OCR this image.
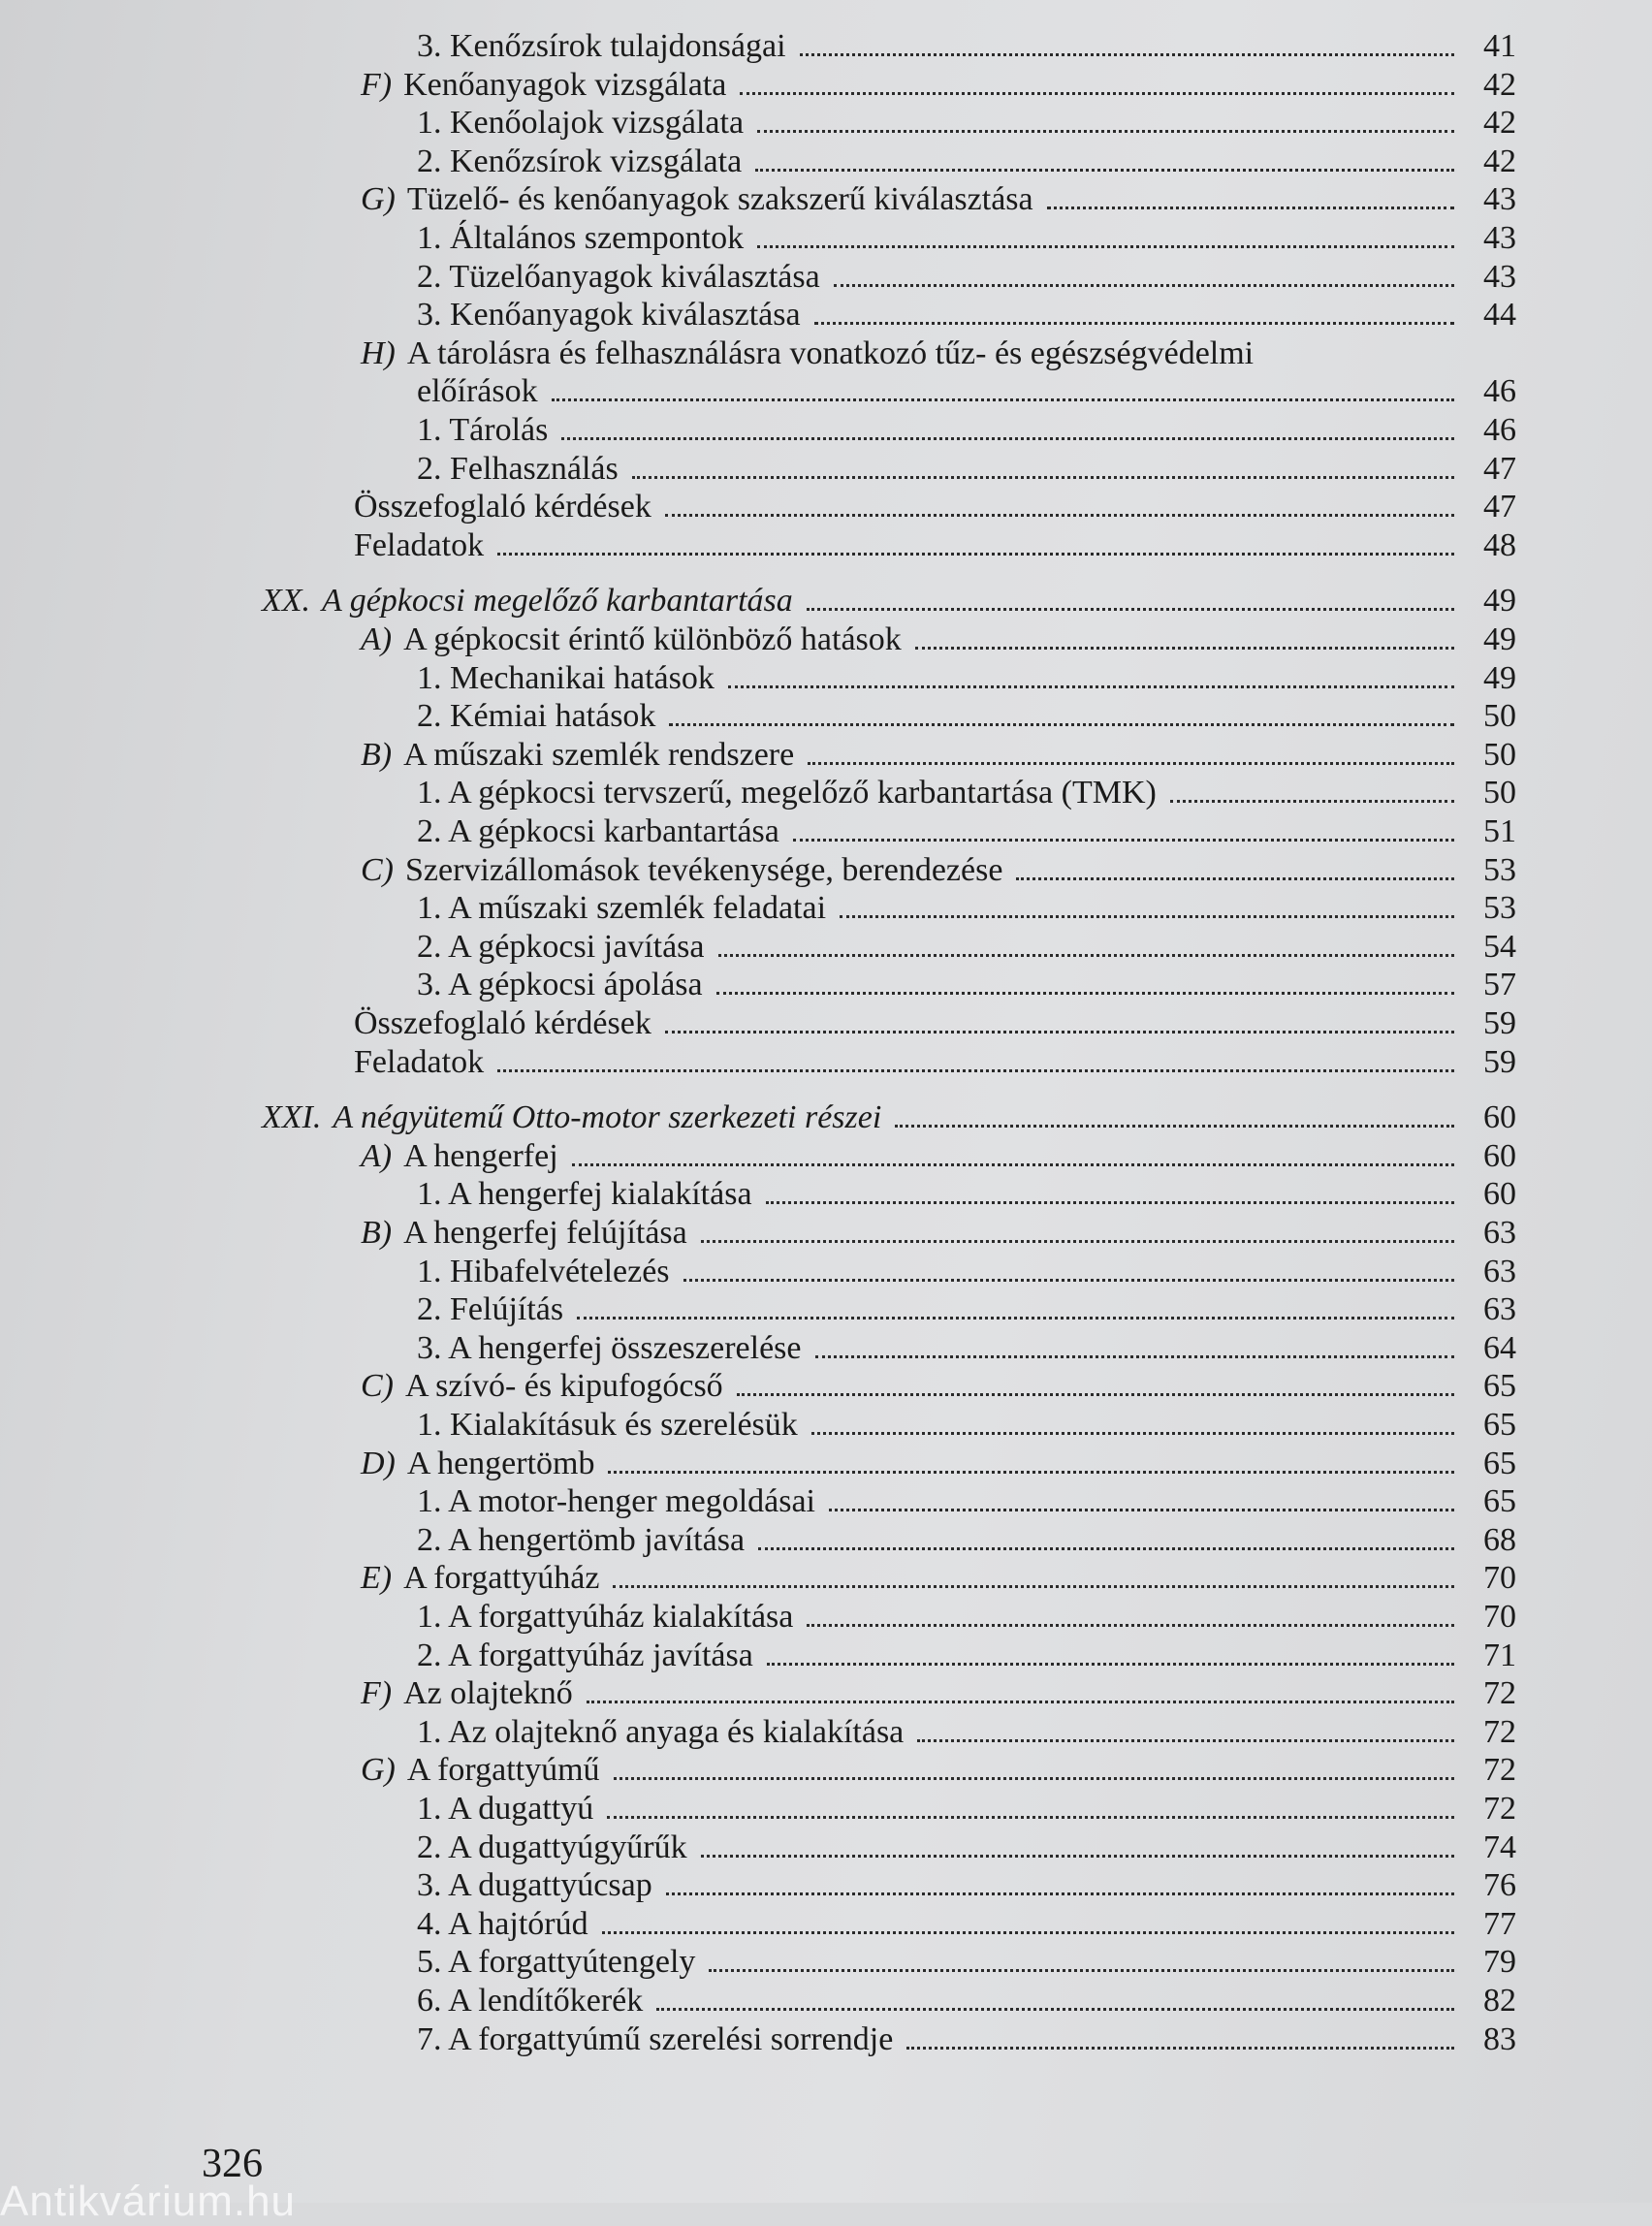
3. Kenőzsírok tulajdonságai	41
F) Kenőanyagok vizsgálata	42
1. Kenőolajok vizsgálata	42
2. Kenőzsírok vizsgálata	42
G) Tüzelő- és kenőanyagok szakszerű kiválasztása	43
1. Általános szempontok	43
2. Tüzelőanyagok kiválasztása	43
3. Kenőanyagok kiválasztása	44
H) A tárolásra és felhasználásra vonatkozó tűz- és egészségvédelmi
előírások	46
1. Tárolás	46
2. Felhasználás	47
Összefoglaló kérdések	47
Feladatok	48
XX. A gépkocsi megelőző karbantartása	49
A) A gépkocsit érintő különböző hatások	49
1. Mechanikai hatások	49
2. Kémiai hatások	50
B) A műszaki szemlék rendszere	50
1. A gépkocsi tervszerű, megelőző karbantartása (TMK)	50
2. A gépkocsi karbantartása	51
C) Szervizállomások tevékenysége, berendezése	53
1. A műszaki szemlék feladatai	53
2. A gépkocsi javítása	54
3. A gépkocsi ápolása	57
Összefoglaló kérdések	59
Feladatok	59
XXI. A négyütemű Otto-motor szerkezeti részei	60
A) A hengerfej	60
1. A hengerfej kialakítása	60
B) A hengerfej felújítása	63
1. Hibafelvételezés	63
2. Felújítás	63
3. A hengerfej összeszerelése	64
C) A szívó- és kipufogócső	65
1. Kialakításuk és szerelésük	65
D) A hengertömb	65
1. A motor-henger megoldásai	65
2. A hengertömb javítása	68
E) A forgattyúház	70
1. A forgattyúház kialakítása	70
2. A forgattyúház javítása	71
F) Az olajteknő	72
1. Az olajteknő anyaga és kialakítása	72
G) A forgattyúmű	72
1. A dugattyú	72
2. A dugattyúgyűrűk	74
3. A dugattyúcsap	76
4. A hajtórúd	77
5. A forgattyútengely	79
6. A lendítőkerék	82
7. A forgattyúmű szerelési sorrendje	83
326
Antikvárium.hu
